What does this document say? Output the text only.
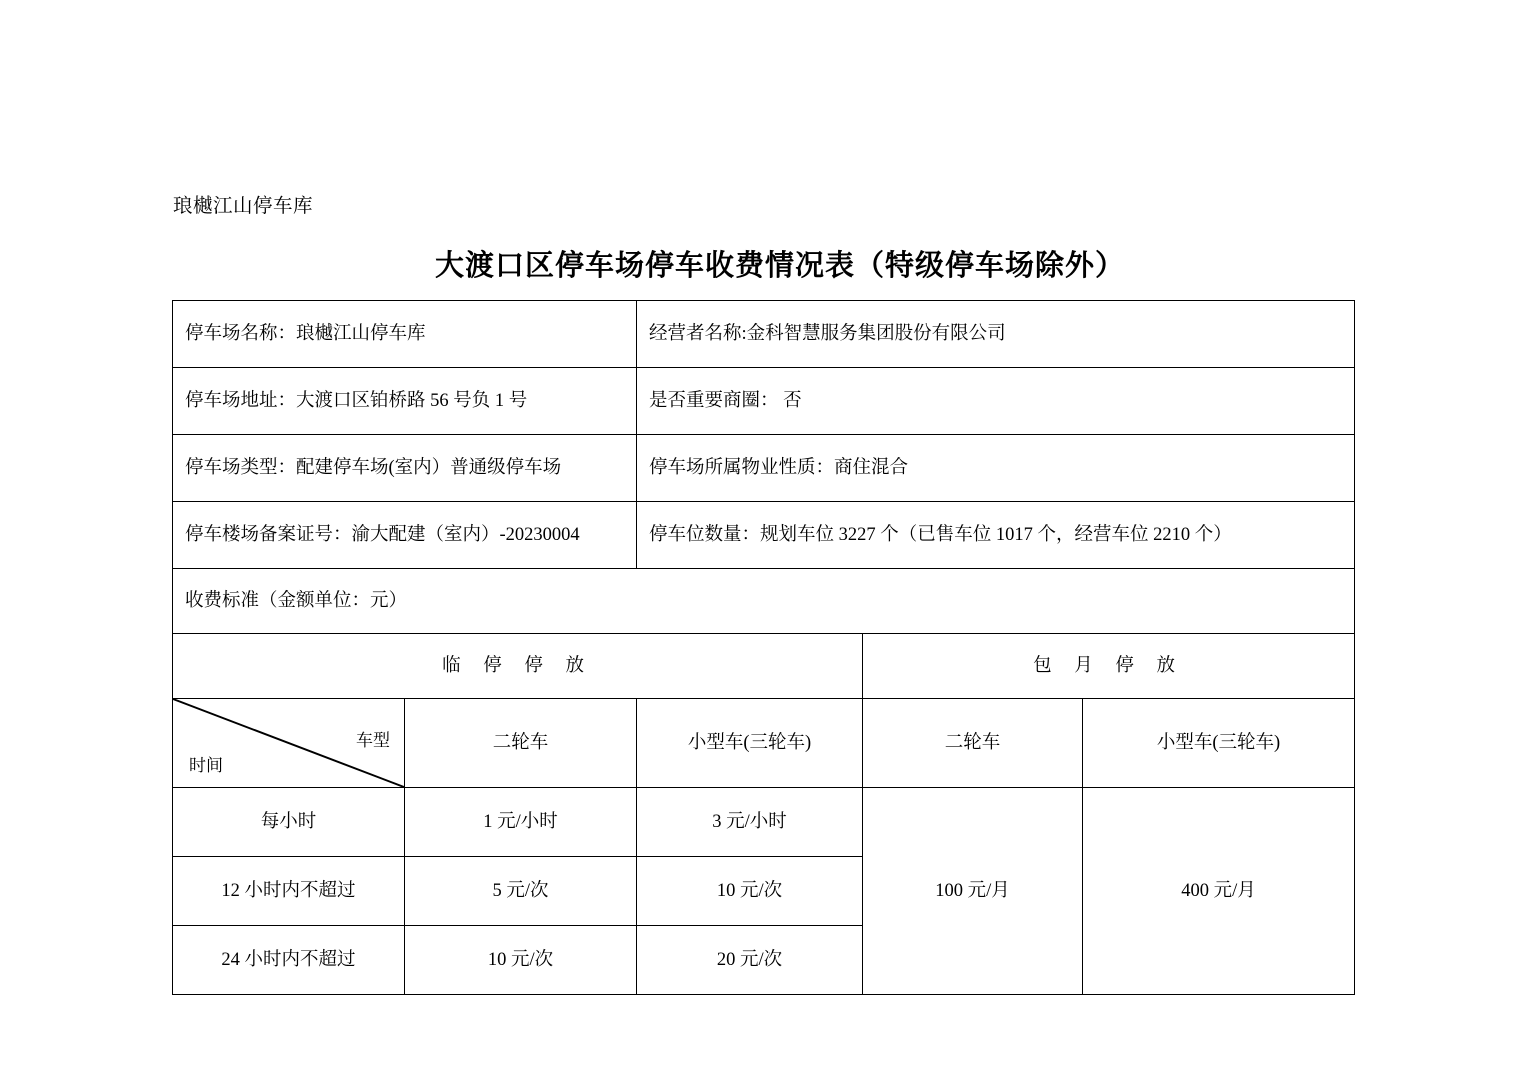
琅樾江山停车库
大渡口区停车场停车收费情况表（特级停车场除外）
停车场名称：琅樾江山停车库		经营者名称:金科智慧服务集团股份有限公司		
停车场地址：大渡口区铂桥路 56 号负 1 号		是否重要商圈： 否		
停车场类型：配建停车场(室内）普通级停车场		停车场所属物业性质：商住混合		
停车楼场备案证号：渝大配建（室内）-20230004		停车位数量：规划车位 3227 个（已售车位 1017 个，经营车位 2210 个）		
收费标准（金额单位：元）				
临 停 停 放			包 月 停 放	

时间
车型	二轮车	小型车(三轮车)	二轮车	小型车(三轮车)
每小时	1 元/小时	3 元/小时	100 元/月	400 元/月
12 小时内不超过	5 元/次	10 元/次		
24 小时内不超过	10 元/次	20 元/次		
